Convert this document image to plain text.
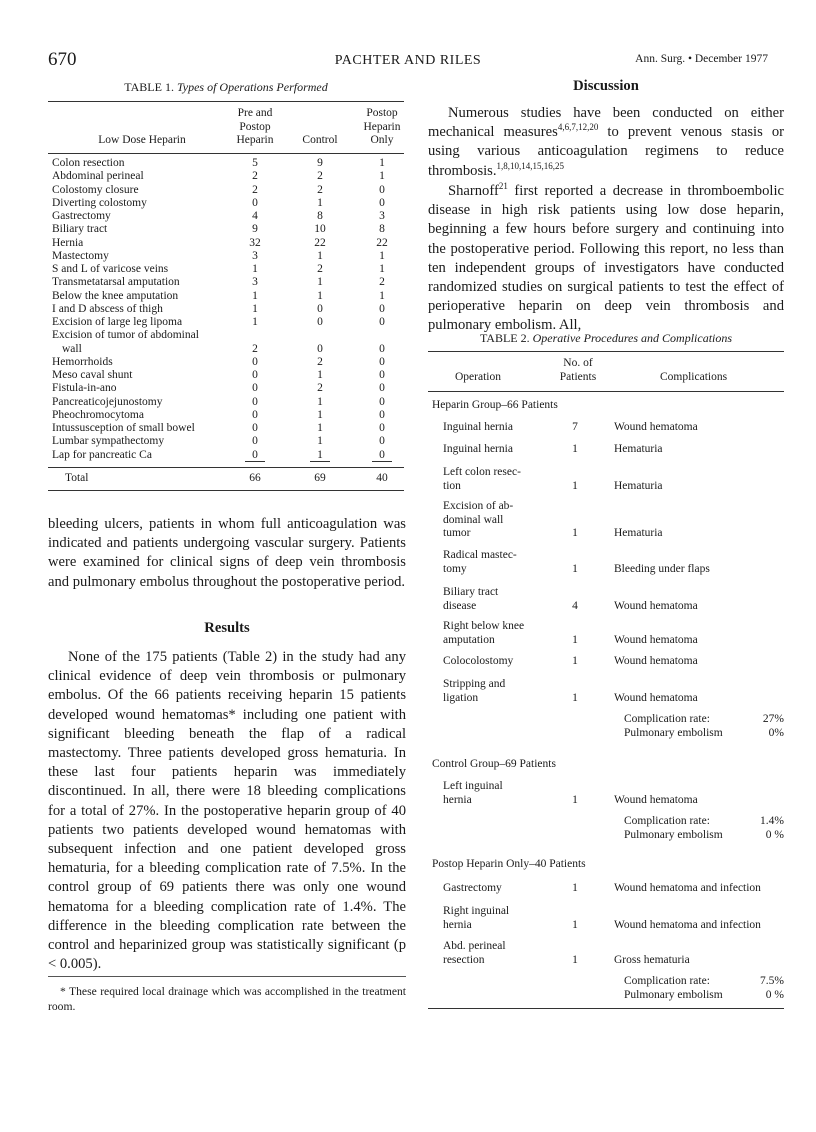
670	PACHTER AND RILES	Ann. Surg. • December 1977
TABLE 1. Types of Operations Performed
Pre and
Postop
Heparin
Low Dose Heparin	Control
Postop
Heparin
Only
Colon resection	5	9	1
Abdominal perineal	2	2	1
Colostomy closure	2	2	0
Diverting colostomy	0	1	0
Gastrectomy	4	8	3
Biliary tract	9	10	8
Hernia	32	22	22
Mastectomy	3	1	1
S and L of varicose veins	1	2	1
Transmetatarsal amputation	3	1	2
Below the knee amputation	1	1	1
I and D abscess of thigh	1	0	0
Excision of large leg lipoma	1	0	0
Excision of tumor of abdominal
wall	2	0	0
Hemorrhoids	0	2	0
Meso caval shunt	0	1	0
Fistula-in-ano	0	2	0
Pancreaticojejunostomy	0	1	0
Pheochromocytoma	0	1	0
Intussusception of small bowel	0	1	0
Lumbar sympathectomy	0	1	0
Lap for pancreatic Ca	0	1	0
Total	66	69	40

bleeding ulcers, patients in whom full anticoagulation was indicated and patients undergoing vascular surgery. Patients were examined for clinical signs of deep vein thrombosis and pulmonary embolus throughout the postoperative period.

Results

None of the 175 patients (Table 2) in the study had any clinical evidence of deep vein thrombosis or pulmonary embolus. Of the 66 patients receiving heparin 15 patients developed wound hematomas* including one patient with significant bleeding beneath the flap of a radical mastectomy. Three patients developed gross hematuria. In these last four patients heparin was immediately discontinued. In all, there were 18 bleeding complications for a total of 27%. In the postoperative heparin group of 40 patients two patients developed wound hematomas with subsequent infection and one patient developed gross hematuria, for a bleeding complication rate of 7.5%. In the control group of 69 patients there was only one wound hematoma for a bleeding complication rate of 1.4%. The difference in the bleeding complication rate between the control and heparinized group was statistically significant (p < 0.005).

* These required local drainage which was accomplished in the treatment room.
Discussion

Numerous studies have been conducted on either mechanical measures$^{4,6,7,12,20}$ to prevent venous stasis or using various anticoagulation regimens to reduce thrombosis.$^{1,8,10,14,15,16,25}$

Sharnoff$^{21}$ first reported a decrease in thromboembolic disease in high risk patients using low dose heparin, beginning a few hours before surgery and continuing into the postoperative period. Following this report, no less than ten independent groups of investigators have conducted randomized studies on surgical patients to test the effect of perioperative heparin on deep vein thrombosis and pulmonary embolism. All,

TABLE 2. Operative Procedures and Complications
Operation
No. of
Patients	Complications
Heparin Group–66 Patients
Inguinal hernia	7	Wound hematoma
Inguinal hernia	1	Hematuria
Left colon resec-
tion	1	Hematuria
Excision of ab-
dominal wall
tumor	1	Hematuria
Radical mastec-
tomy	1	Bleeding under flaps
Biliary tract
disease	4	Wound hematoma
Right below knee
amputation	1	Wound hematoma
Colocolostomy	1	Wound hematoma
Stripping and
ligation	1	Wound hematoma
Complication rate:	27%
Pulmonary embolism	0%
Control Group–69 Patients
Left inguinal
hernia	1	Wound hematoma
Complication rate:	1.4%
Pulmonary embolism	0 %
Postop Heparin Only–40 Patients
Gastrectomy	1	Wound hematoma and infection
Right inguinal
hernia	1	Wound hematoma and infection
Abd. perineal
resection	1	Gross hematuria
Complication rate:	7.5%
Pulmonary embolism	0 %
